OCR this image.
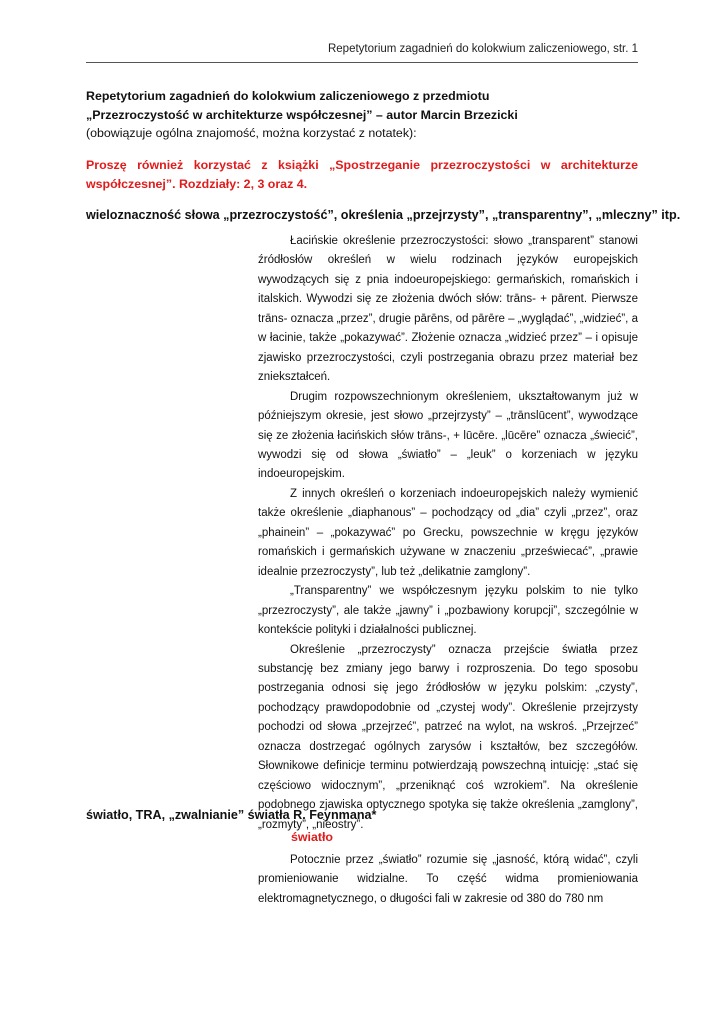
Repetytorium zagadnień do kolokwium zaliczeniowego, str. 1
Repetytorium zagadnień do kolokwium zaliczeniowego z przedmiotu
„Przezroczystość w architekturze współczesnej” – autor Marcin Brzezicki
(obowiązuje ogólna znajomość, można korzystać z notatek):
Proszę również korzystać z książki „Spostrzeganie przezroczystości w architekturze współczesnej”. Rozdziały: 2, 3 oraz 4.
wieloznaczność słowa „przezroczystość”, określenia „przejrzysty”, „transparentny”, „mleczny” itp.

Łacińskie określenie przezroczystości: słowo „transparent” stanowi źródłosłów określeń w wielu rodzinach języków europejskich wywodzących się z pnia indoeuropejskiego: germańskich, romańskich i italskich. Wywodzi się ze złożenia dwóch słów: trāns- + pārent. Pierwsze trāns- oznacza „przez”, drugie pārēns, od pārēre – „wyglądać”, „widzieć”, a w łacinie, także „pokazywać”. Złożenie oznacza „widzieć przez” – i opisuje zjawisko przezroczystości, czyli postrzegania obrazu przez materiał bez zniekształceń.

Drugim rozpowszechnionym określeniem, ukształtowanym już w późniejszym okresie, jest słowo „przejrzysty” – „trānslūcent”, wywodzące się ze złożenia łacińskich słów trāns-, + lūcēre. „lūcēre” oznacza „świecić”, wywodzi się od słowa „światło” – „leuk” o korzeniach w języku indoeuropejskim.

Z innych określeń o korzeniach indoeuropejskich należy wymienić także określenie „diaphanous” – pochodzący od „dia” czyli „przez”, oraz „phainein” – „pokazywać” po Grecku, powszechnie w kręgu języków romańskich i germańskich używane w znaczeniu „przeświecać”, „prawie idealnie przezroczysty”, lub też „delikatnie zamglony”.

„Transparentny” we współczesnym języku polskim to nie tylko „przezroczysty”, ale także „jawny” i „pozbawiony korupcji”, szczególnie w kontekście polityki i działalności publicznej.

Określenie „przezroczysty” oznacza przejście światła przez substancję bez zmiany jego barwy i rozproszenia. Do tego sposobu postrzegania odnosi się jego źródłosłów w języku polskim: „czysty”, pochodzący prawdopodobnie od „czystej wody”. Określenie przejrzysty pochodzi od słowa „przejrzeć”, patrzeć na wylot, na wskroś. „Przejrzeć” oznacza dostrzegać ogólnych zarysów i kształtów, bez szczegółów. Słownikowe definicje terminu potwierdzają powszechną intuicję: „stać się częściowo widocznym”, „przeniknąć coś wzrokiem”. Na określenie podobnego zjawiska optycznego spotyka się także określenia „zamglony”, „rozmyty”, „nieostry”.

światło, TRA, „zwalnianie” światła R. Feynmana*
światło

Potocznie przez „światło” rozumie się „jasność, którą widać”, czyli promieniowanie widzialne. To część widma promieniowania elektromagnetycznego, o długości fali w zakresie od 380 do 780 nm
